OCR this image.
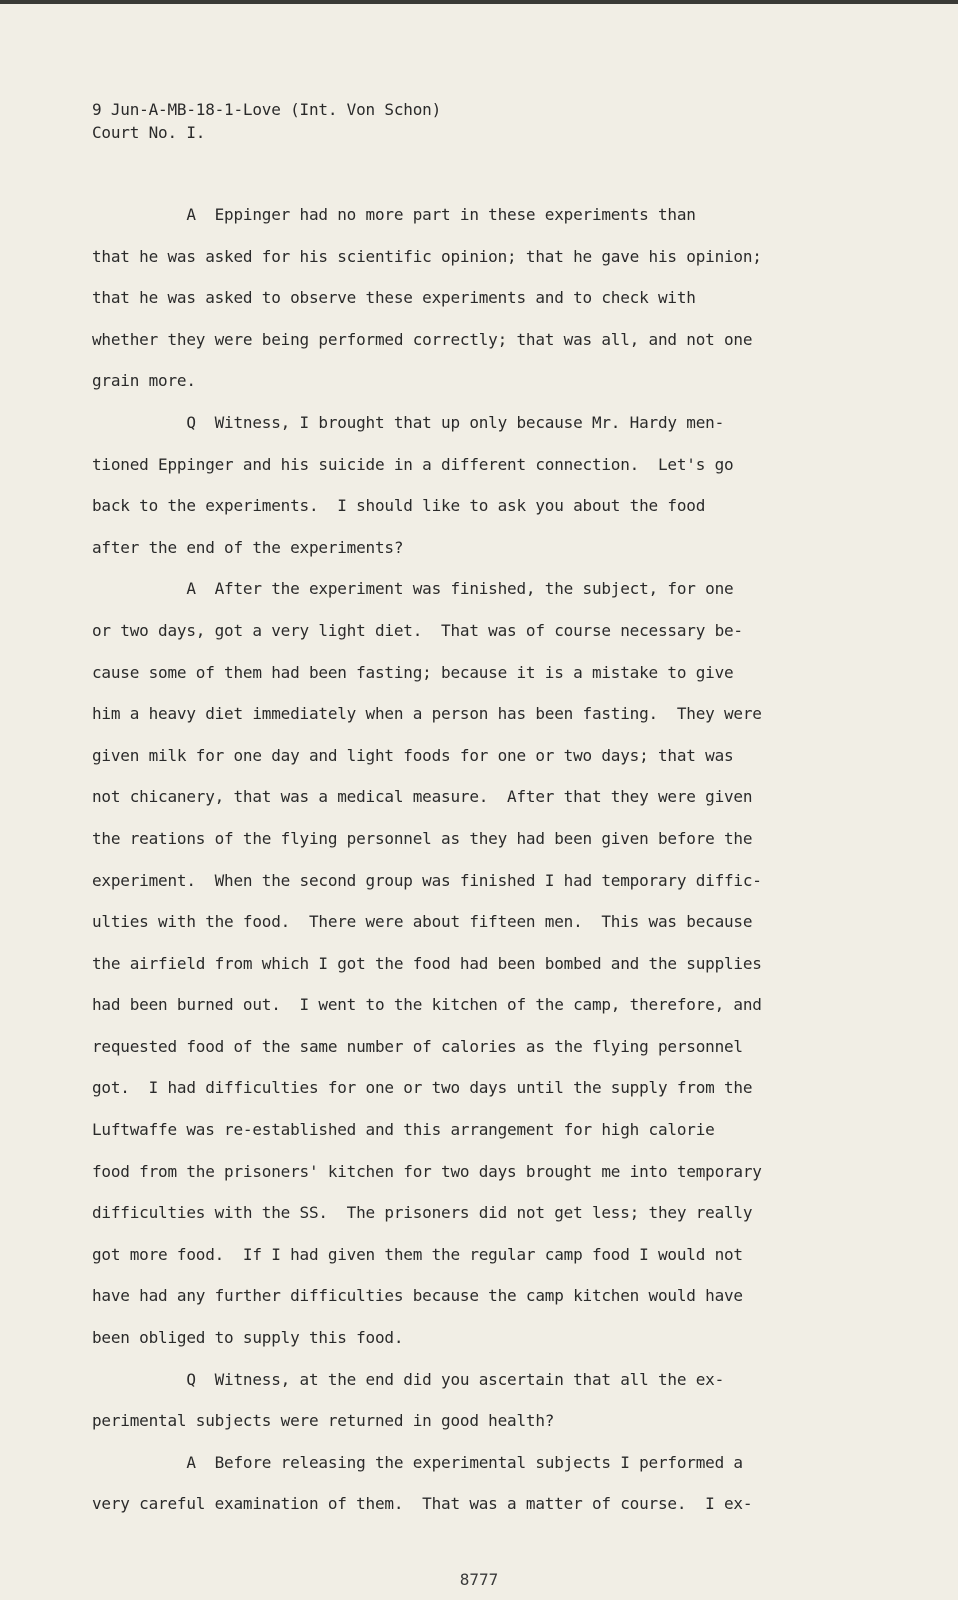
9 Jun-A-MB-18-1-Love (Int. Von Schon)
Court No. I.
A  Eppinger had no more part in these experiments than
that he was asked for his scientific opinion; that he gave his opinion;
that he was asked to observe these experiments and to check with
whether they were being performed correctly; that was all, and not one
grain more.
Q  Witness, I brought that up only because Mr. Hardy men-
tioned Eppinger and his suicide in a different connection.  Let's go
back to the experiments.  I should like to ask you about the food
after the end of the experiments?
A  After the experiment was finished, the subject, for one
or two days, got a very light diet.  That was of course necessary be-
cause some of them had been fasting; because it is a mistake to give
him a heavy diet immediately when a person has been fasting.  They were
given milk for one day and light foods for one or two days; that was
not chicanery, that was a medical measure.  After that they were given
the reations of the flying personnel as they had been given before the
experiment.  When the second group was finished I had temporary diffic-
ulties with the food.  There were about fifteen men.  This was because
the airfield from which I got the food had been bombed and the supplies
had been burned out.  I went to the kitchen of the camp, therefore, and
requested food of the same number of calories as the flying personnel
got.  I had difficulties for one or two days until the supply from the
Luftwaffe was re-established and this arrangement for high calorie
food from the prisoners' kitchen for two days brought me into temporary
difficulties with the SS.  The prisoners did not get less; they really
got more food.  If I had given them the regular camp food I would not
have had any further difficulties because the camp kitchen would have
been obliged to supply this food.
Q  Witness, at the end did you ascertain that all the ex-
perimental subjects were returned in good health?
A  Before releasing the experimental subjects I performed a
very careful examination of them.  That was a matter of course.  I ex-
8777
